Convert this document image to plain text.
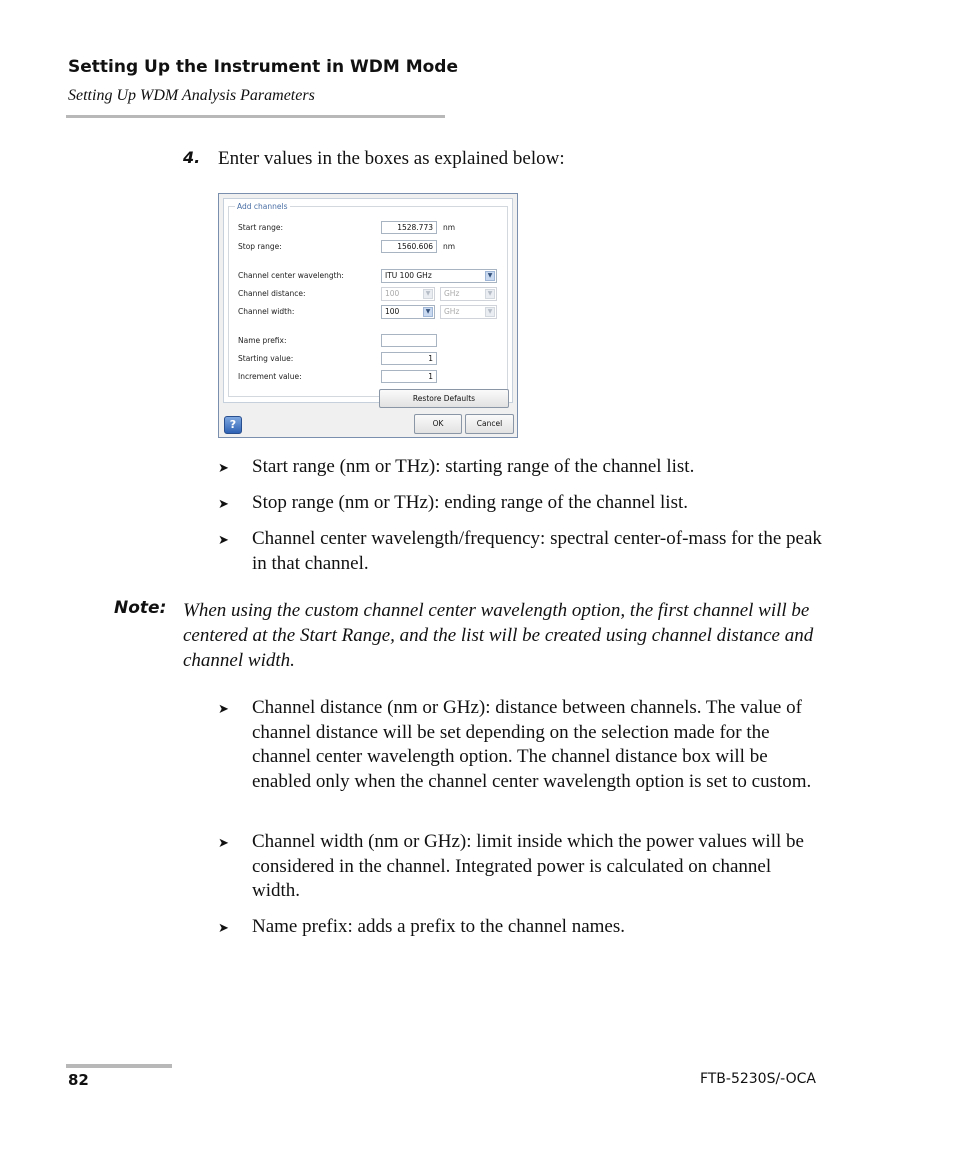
Setting Up the Instrument in WDM Mode
Setting Up WDM Analysis Parameters
4. Enter values in the boxes as explained below:
Add channels
Start range:	1528.773	nm
Stop range:	1560.606	nm
Channel center wavelength:	ITU 100 GHz	▼
Channel distance:	100	▼	GHz	▼
Channel width:	100	▼	GHz	▼
Name prefix:
Starting value:	1
Increment value:	1
Restore Defaults
?	OK	Cancel
➤ Start range (nm or THz): starting range of the channel list.
➤ Stop range (nm or THz): ending range of the channel list.
➤ Channel center wavelength/frequency: spectral center-of-mass for the peak in that channel.
Note: When using the custom channel center wavelength option, the first channel will be centered at the Start Range, and the list will be created using channel distance and channel width.
➤ Channel distance (nm or GHz): distance between channels. The value of channel distance will be set depending on the selection made for the channel center wavelength option. The channel distance box will be enabled only when the channel center wavelength option is set to custom.
➤ Channel width (nm or GHz): limit inside which the power values will be considered in the channel. Integrated power is calculated on channel width.
➤ Name prefix: adds a prefix to the channel names.
82	FTB-5230S/-OCA
